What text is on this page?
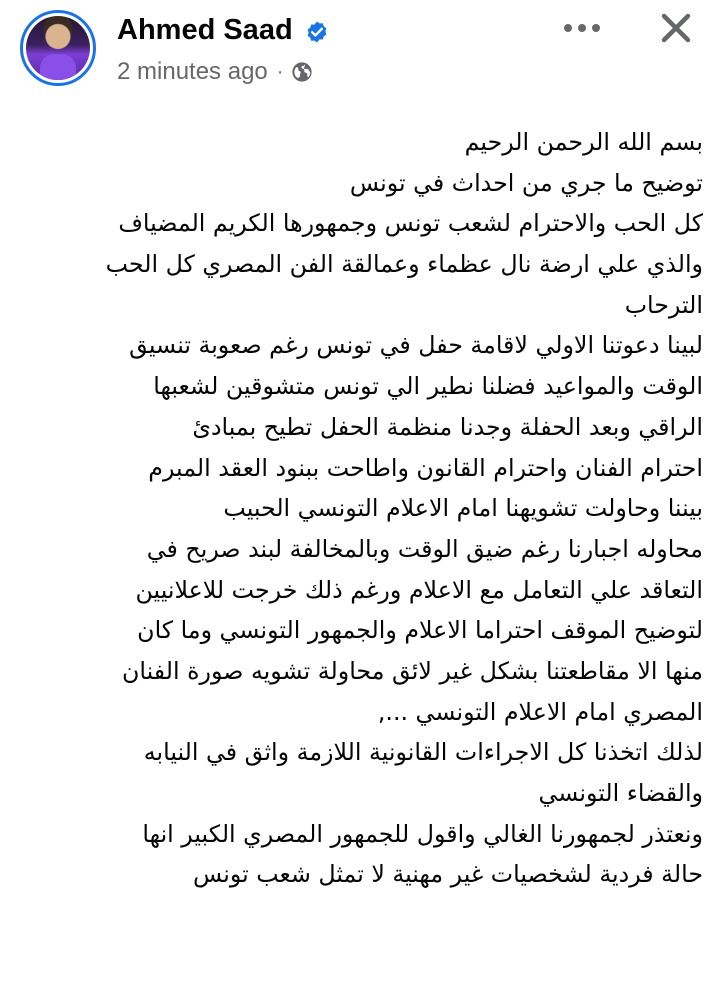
Ahmed Saad
2 minutes ago ·
بسم الله الرحمن الرحيم
توضيح ما جري من احداث في تونس
كل الحب والاحترام لشعب تونس وجمهورها الكريم المضياف
والذي علي ارضة نال عظماء وعمالقة الفن المصري كل الحب
الترحاب
لبينا دعوتنا الاولي لاقامة حفل في تونس رغم صعوبة تنسيق
الوقت والمواعيد فضلنا نطير الي تونس متشوقين لشعبها
الراقي وبعد الحفلة وجدنا منظمة الحفل تطيح بمبادئ
احترام الفنان واحترام القانون واطاحت ببنود العقد المبرم
بيننا وحاولت تشويهنا امام الاعلام التونسي الحبيب
محاوله اجبارنا رغم ضيق الوقت وبالمخالفة لبند صريح في
التعاقد علي التعامل مع الاعلام ورغم ذلك خرجت للاعلانيين
لتوضيح الموقف احتراما الاعلام والجمهور التونسي وما كان
منها الا مقاطعتنا بشكل غير لائق محاولة تشويه صورة الفنان
المصري امام الاعلام التونسي ...,
لذلك اتخذنا كل الاجراءات القانونية اللازمة واثق في النيابه
والقضاء التونسي
ونعتذر لجمهورنا الغالي واقول للجمهور المصري الكبير انها
حالة فردية لشخصيات غير مهنية لا تمثل شعب تونس
